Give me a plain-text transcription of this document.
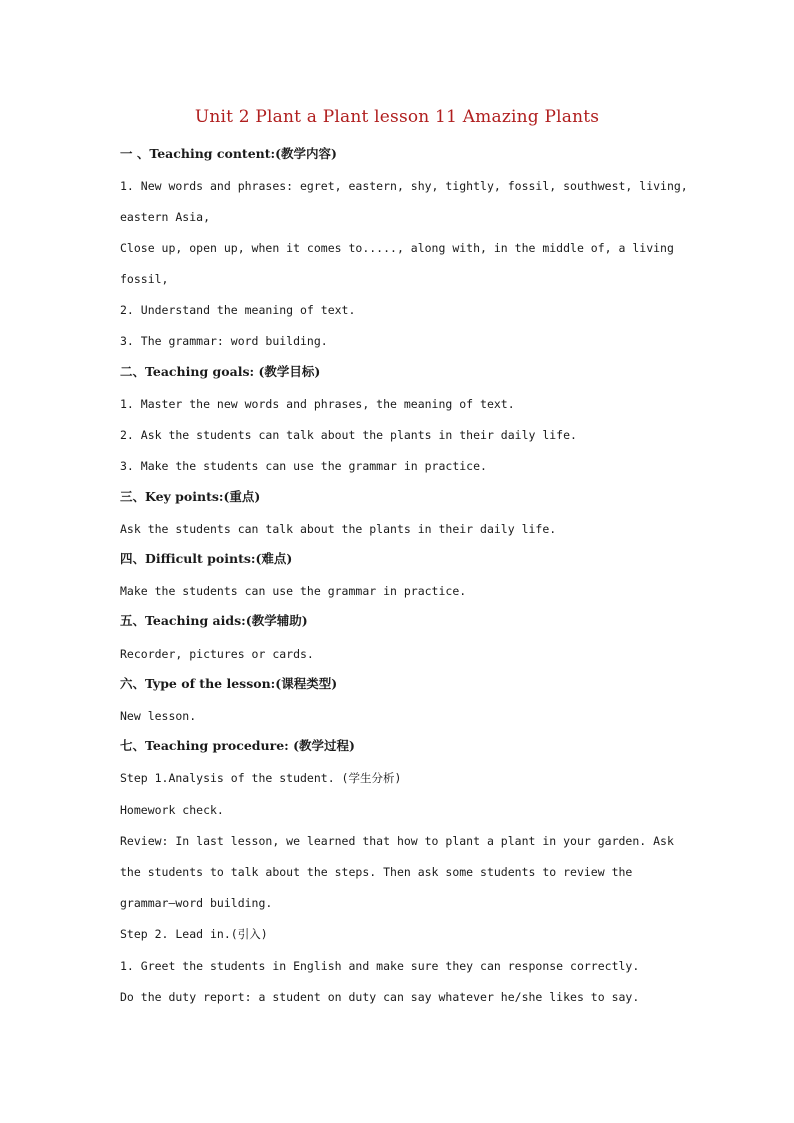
Unit 2 Plant a Plant lesson 11 Amazing Plants
一 、Teaching content:(教学内容)
1. New words and phrases: egret, eastern, shy, tightly, fossil, southwest, living,
eastern Asia,
Close up, open up, when it comes to....., along with, in the middle of, a living
fossil,
2. Understand the meaning of text.
3. The grammar: word building.
二、Teaching goals: (教学目标)
1. Master the new words and phrases, the meaning of text.
2. Ask the students can talk about the plants in their daily life.
3. Make the students can use the grammar in practice.
三、Key points:(重点)
Ask the students can talk about the plants in their daily life.
四、Difficult points:(难点)
Make the students can use the grammar in practice.
五、Teaching aids:(教学辅助)
Recorder, pictures or cards.
六、Type of the lesson:(课程类型)
New lesson.
七、Teaching procedure: (教学过程)
Step 1.Analysis of the student. (学生分析)
Homework check.
Review: In last lesson, we learned that how to plant a plant in your garden. Ask
the students to talk about the steps. Then ask some students to review the
grammar—word building.
Step 2. Lead in.(引入)
1. Greet the students in English and make sure they can response correctly.
Do the duty report: a student on duty can say whatever he/she likes to say.
